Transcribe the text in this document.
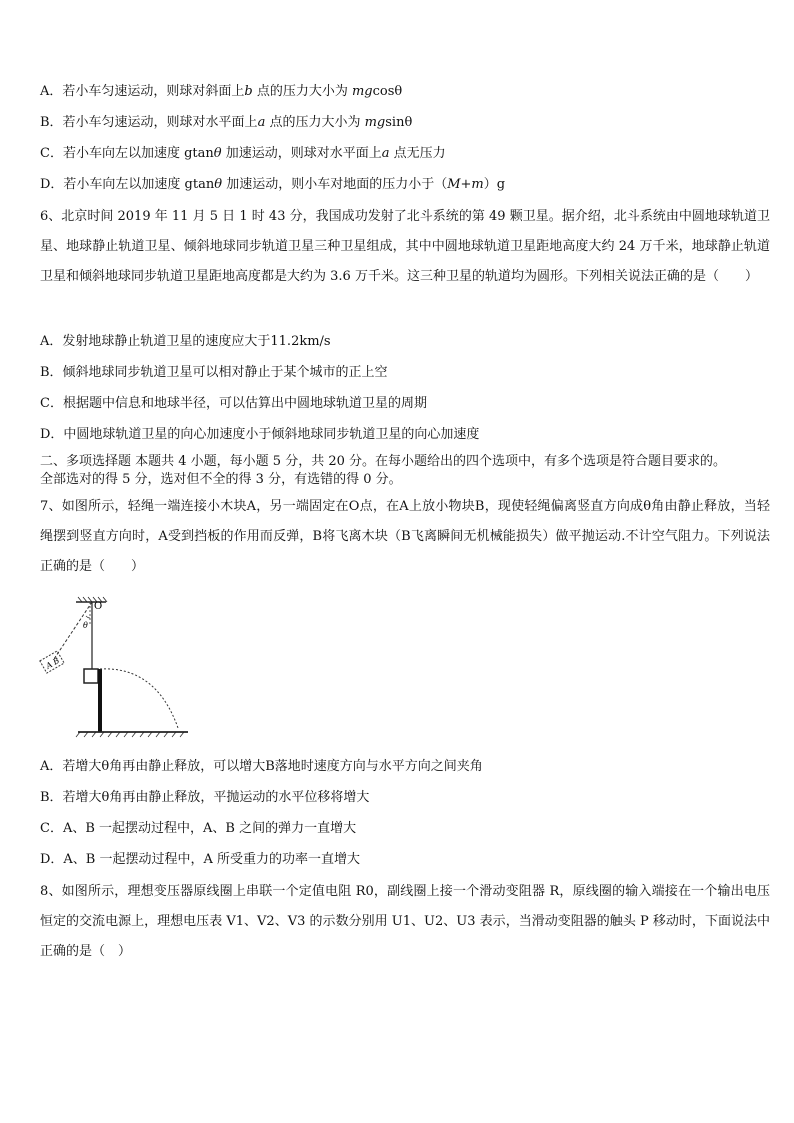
A．若小车匀速运动，则球对斜面上b 点的压力大小为 mgcosθ
B．若小车匀速运动，则球对水平面上a 点的压力大小为 mgsinθ
C．若小车向左以加速度 gtanθ 加速运动，则球对水平面上a 点无压力
D．若小车向左以加速度 gtanθ 加速运动，则小车对地面的压力小于（M+m）g
6、北京时间 2019 年 11 月 5 日 1 时 43 分，我国成功发射了北斗系统的第 49 颗卫星。据介绍，北斗系统由中圆地球轨道卫星、地球静止轨道卫星、倾斜地球同步轨道卫星三种卫星组成，其中中圆地球轨道卫星距地高度大约 24 万千米，地球静止轨道卫星和倾斜地球同步轨道卫星距地高度都是大约为 3.6 万千米。这三种卫星的轨道均为圆形。下列相关说法正确的是（　　）
A．发射地球静止轨道卫星的速度应大于11.2km/s
B．倾斜地球同步轨道卫星可以相对静止于某个城市的正上空
C．根据题中信息和地球半径，可以估算出中圆地球轨道卫星的周期
D．中圆地球轨道卫星的向心加速度小于倾斜地球同步轨道卫星的向心加速度
二、多项选择题 本题共 4 小题，每小题 5 分，共 20 分。在每小题给出的四个选项中，有多个选项是符合题目要求的。
全部选对的得 5 分，选对但不全的得 3 分，有选错的得 0 分。
7、如图所示，轻绳一端连接小木块A，另一端固定在O点，在A上放小物块B，现使轻绳偏离竖直方向成θ角由静止释放，当轻绳摆到竖直方向时，A受到挡板的作用而反弹，B将飞离木块（B飞离瞬间无机械能损失）做平抛运动.不计空气阻力。下列说法正确的是（　　）
O
θ
A
B
A．若增大θ角再由静止释放，可以增大B落地时速度方向与水平方向之间夹角
B．若增大θ角再由静止释放，平抛运动的水平位移将增大
C．A、B 一起摆动过程中，A、B 之间的弹力一直增大
D．A、B 一起摆动过程中，A 所受重力的功率一直增大
8、如图所示，理想变压器原线圈上串联一个定值电阻 R0，副线圈上接一个滑动变阻器 R，原线圈的输入端接在一个输出电压恒定的交流电源上，理想电压表 V1、V2、V3 的示数分别用 U1、U2、U3 表示，当滑动变阻器的触头 P 移动时，下面说法中正确的是（　）
